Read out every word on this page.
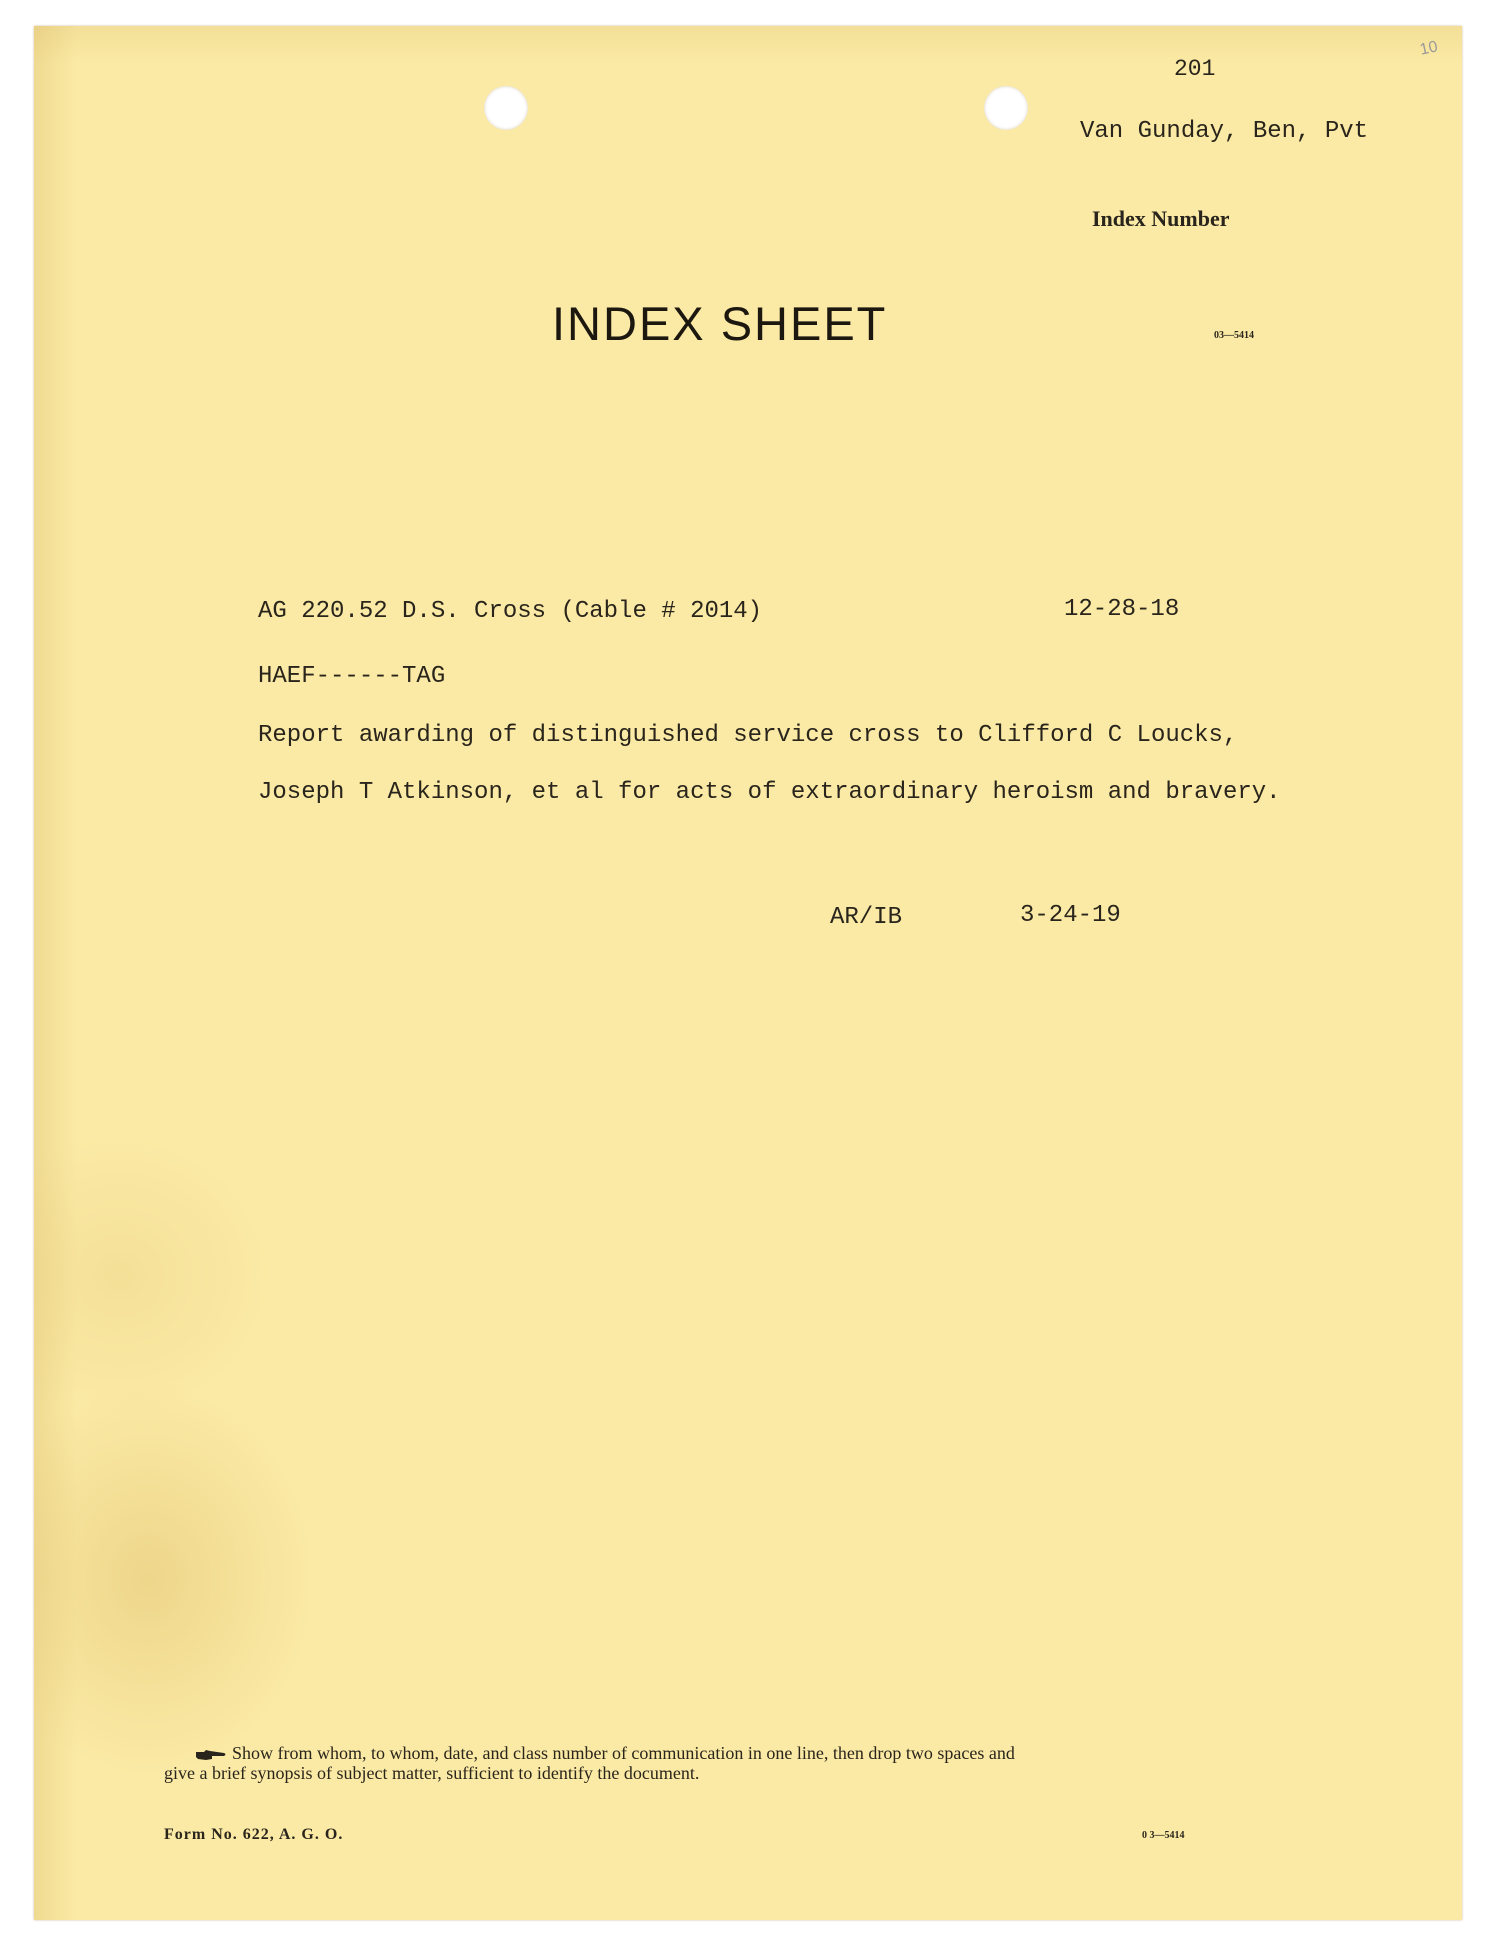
10
201
Van Gunday, Ben, Pvt
Index Number
INDEX SHEET	03—5414
AG 220.52 D.S. Cross (Cable # 2014)	12-28-18
HAEF------TAG
Report awarding of distinguished service cross to Clifford C Loucks,
Joseph T Atkinson, et al for acts of extraordinary heroism and bravery.
AR/IB	3-24-19
Show from whom, to whom, date, and class number of communication in one line, then drop two spaces and
give a brief synopsis of subject matter, sufficient to identify the document.
Form No. 622, A. G. O.	0 3—5414
